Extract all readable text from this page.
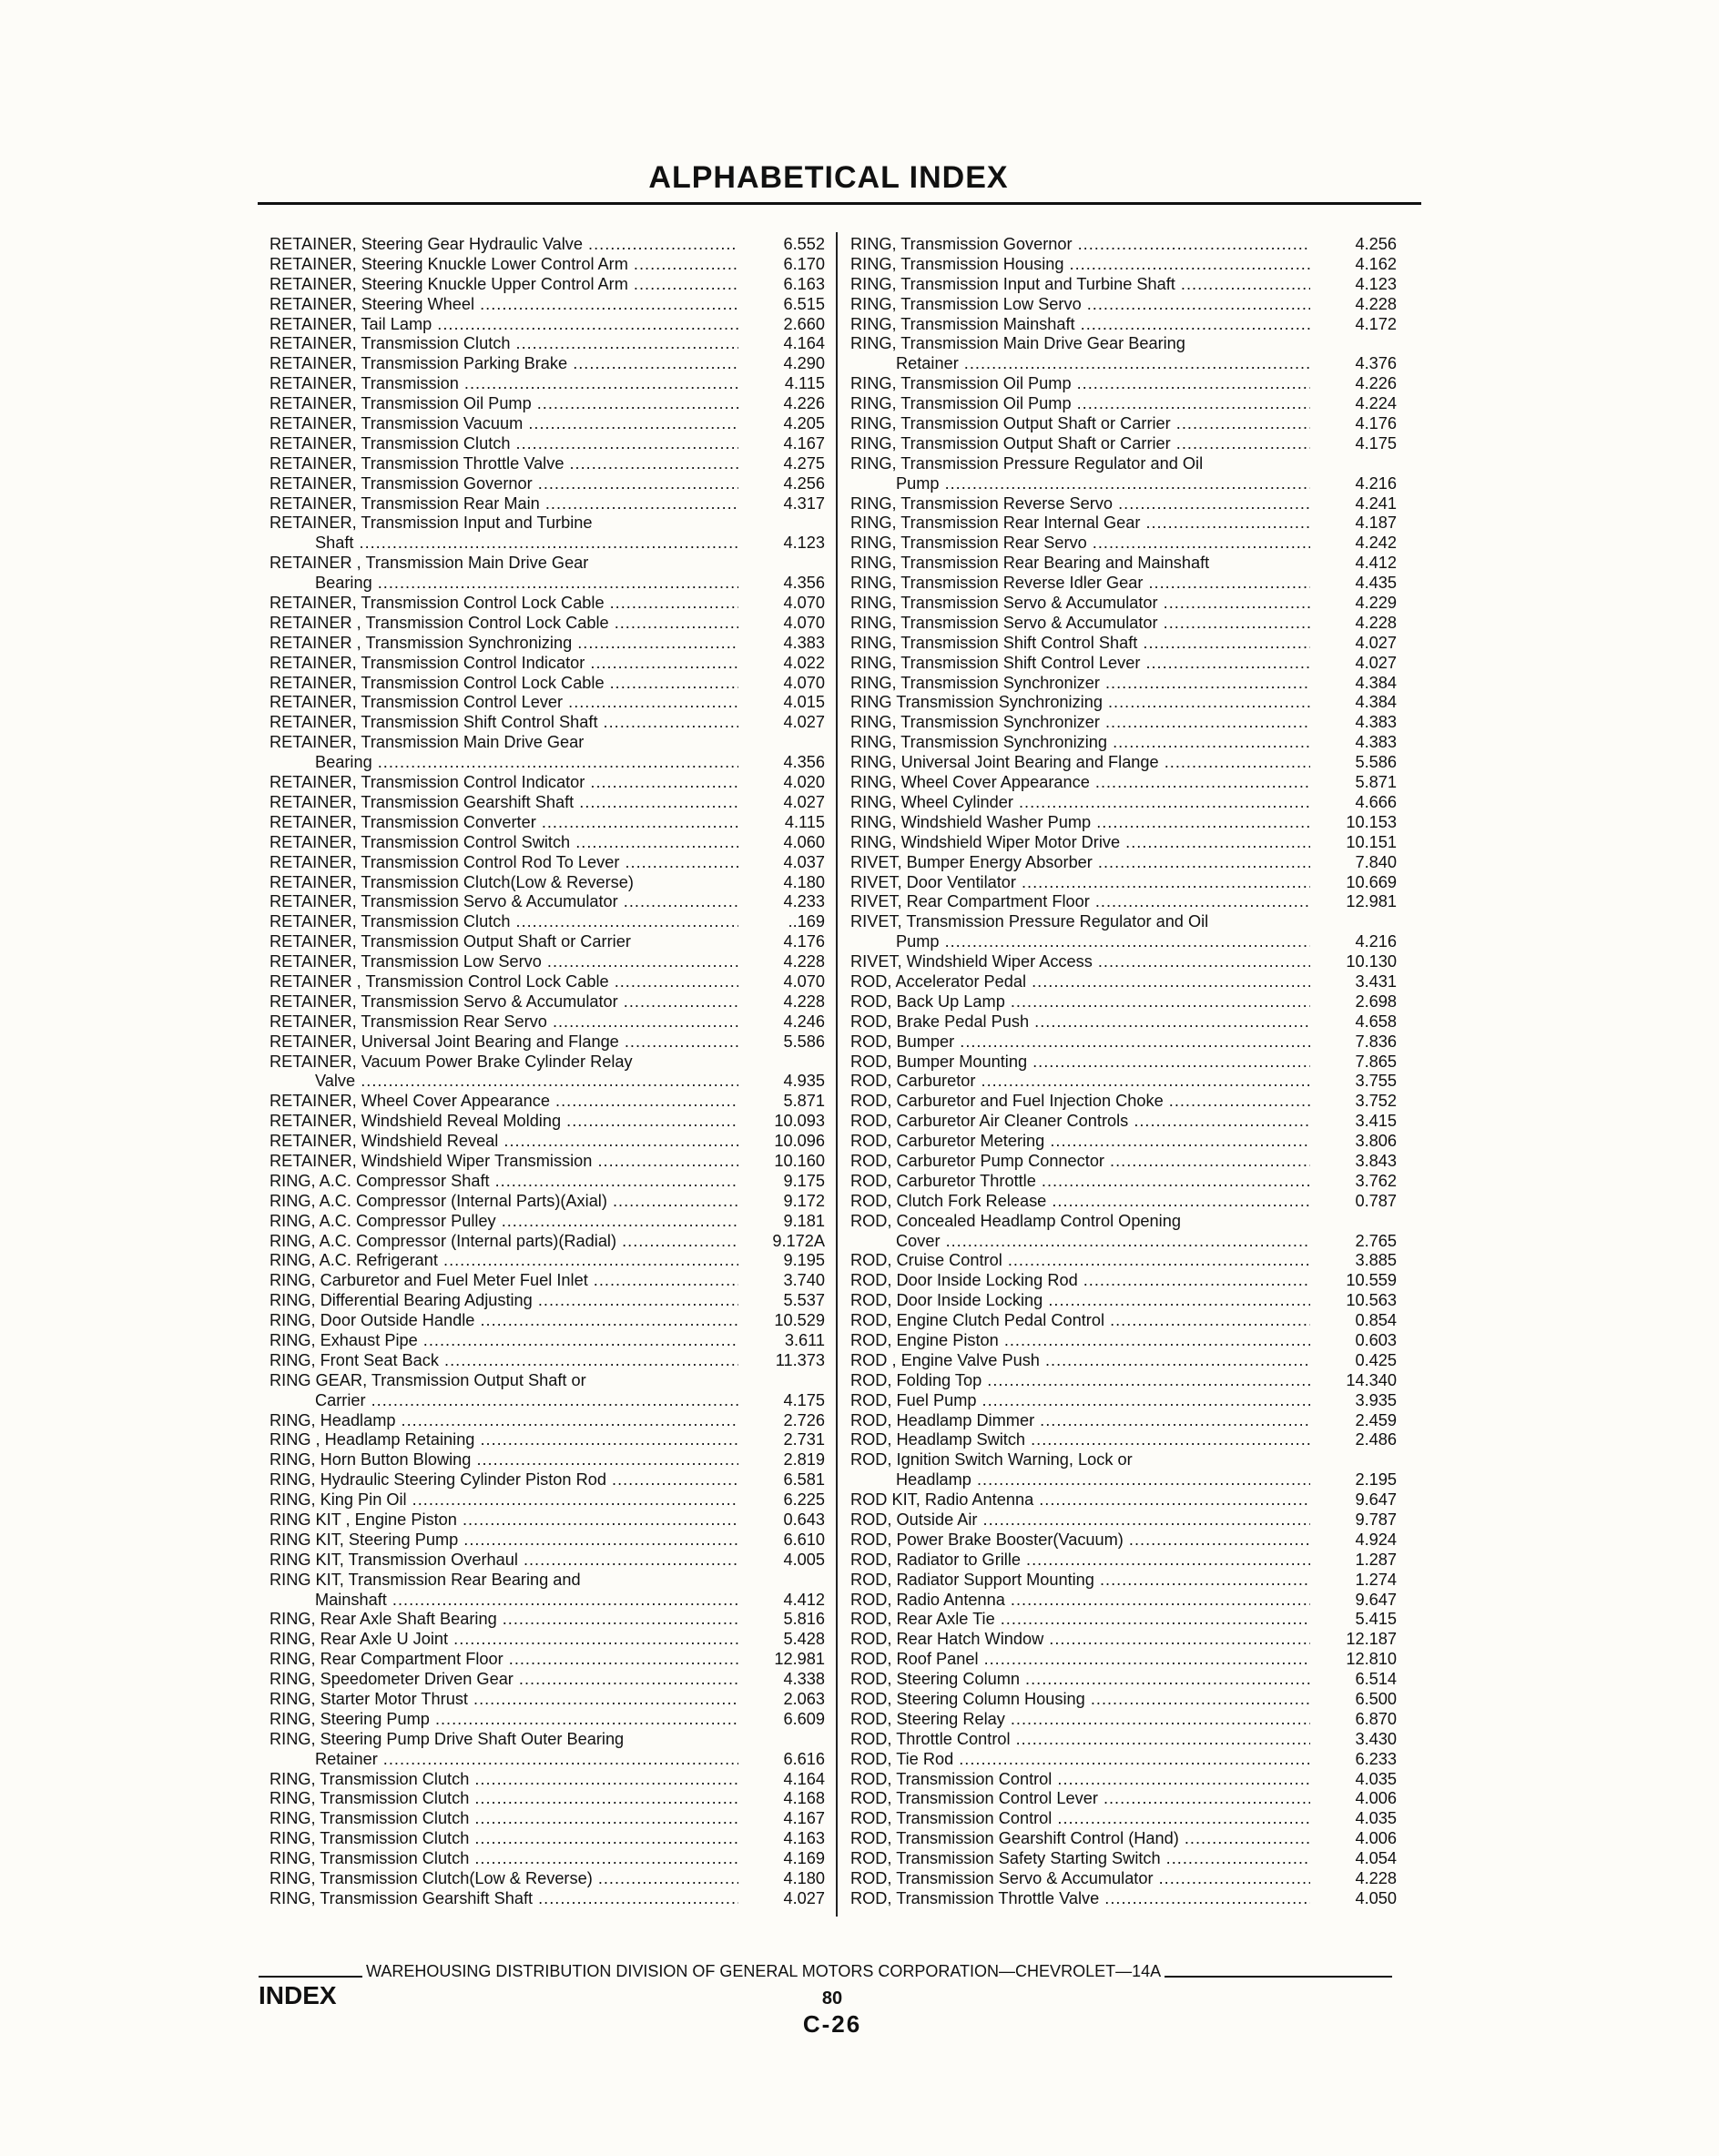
ALPHABETICAL INDEX
RETAINER, Steering Gear Hydraulic Valve .....	6.552
RETAINER, Steering Knuckle Lower Control Arm .....	6.170
RETAINER, Steering Knuckle Upper Control Arm .....	6.163
RETAINER, Steering Wheel .....	6.515
RETAINER, Tail Lamp .....	2.660
RETAINER, Transmission Clutch .....	4.164
RETAINER, Transmission Parking Brake .....	4.290
RETAINER, Transmission .....	4.115
RETAINER, Transmission Oil Pump .....	4.226
RETAINER, Transmission Vacuum .....	4.205
RETAINER, Transmission Clutch .....	4.167
RETAINER, Transmission Throttle Valve .....	4.275
RETAINER, Transmission Governor .....	4.256
RETAINER, Transmission Rear Main .....	4.317
RETAINER, Transmission Input and Turbine
Shaft .....	4.123
RETAINER , Transmission Main Drive Gear
Bearing .....	4.356
RETAINER, Transmission Control Lock Cable .....	4.070
RETAINER , Transmission Control Lock Cable .....	4.070
RETAINER , Transmission Synchronizing .....	4.383
RETAINER, Transmission Control Indicator .....	4.022
RETAINER, Transmission Control Lock Cable .....	4.070
RETAINER, Transmission Control Lever .....	4.015
RETAINER, Transmission Shift Control Shaft .....	4.027
RETAINER, Transmission Main Drive Gear
Bearing .....	4.356
RETAINER, Transmission Control Indicator .....	4.020
RETAINER, Transmission Gearshift Shaft .....	4.027
RETAINER, Transmission Converter .....	4.115
RETAINER, Transmission Control Switch .....	4.060
RETAINER, Transmission Control Rod To Lever .....	4.037
RETAINER, Transmission Clutch(Low & Reverse)	4.180
RETAINER, Transmission Servo & Accumulator .....	4.233
RETAINER, Transmission Clutch .....	..169
RETAINER, Transmission Output Shaft or Carrier	4.176
RETAINER, Transmission Low Servo .....	4.228
RETAINER , Transmission Control Lock Cable .....	4.070
RETAINER, Transmission Servo & Accumulator .....	4.228
RETAINER, Transmission Rear Servo .....	4.246
RETAINER, Universal Joint Bearing and Flange .....	5.586
RETAINER, Vacuum Power Brake Cylinder Relay
Valve .....	4.935
RETAINER, Wheel Cover Appearance .....	5.871
RETAINER, Windshield Reveal Molding .....	10.093
RETAINER, Windshield Reveal .....	10.096
RETAINER, Windshield Wiper Transmission .....	10.160
RING, A.C. Compressor Shaft .....	9.175
RING, A.C. Compressor (Internal Parts)(Axial) .....	9.172
RING, A.C. Compressor Pulley .....	9.181
RING, A.C. Compressor (Internal parts)(Radial) .....	9.172A
RING, A.C. Refrigerant .....	9.195
RING, Carburetor and Fuel Meter Fuel Inlet .....	3.740
RING, Differential Bearing Adjusting .....	5.537
RING, Door Outside Handle .....	10.529
RING, Exhaust Pipe .....	3.611
RING, Front Seat Back .....	11.373
RING GEAR, Transmission Output Shaft or
Carrier .....	4.175
RING, Headlamp .....	2.726
RING , Headlamp Retaining .....	2.731
RING, Horn Button Blowing .....	2.819
RING, Hydraulic Steering Cylinder Piston Rod .....	6.581
RING, King Pin Oil .....	6.225
RING KIT , Engine Piston .....	0.643
RING KIT, Steering Pump .....	6.610
RING KIT, Transmission Overhaul .....	4.005
RING KIT, Transmission Rear Bearing and
Mainshaft .....	4.412
RING, Rear Axle Shaft Bearing .....	5.816
RING, Rear Axle U Joint .....	5.428
RING, Rear Compartment Floor .....	12.981
RING, Speedometer Driven Gear .....	4.338
RING, Starter Motor Thrust .....	2.063
RING, Steering Pump .....	6.609
RING, Steering Pump Drive Shaft Outer Bearing
Retainer .....	6.616
RING, Transmission Clutch .....	4.164
RING, Transmission Clutch .....	4.168
RING, Transmission Clutch .....	4.167
RING, Transmission Clutch .....	4.163
RING, Transmission Clutch .....	4.169
RING, Transmission Clutch(Low & Reverse) .....	4.180
RING, Transmission Gearshift Shaft .....	4.027
RING, Transmission Governor .....	4.256
RING, Transmission Housing .....	4.162
RING, Transmission Input and Turbine Shaft .....	4.123
RING, Transmission Low Servo .....	4.228
RING, Transmission Mainshaft .....	4.172
RING, Transmission Main Drive Gear Bearing
Retainer .....	4.376
RING, Transmission Oil Pump .....	4.226
RING, Transmission Oil Pump .....	4.224
RING, Transmission Output Shaft or Carrier .....	4.176
RING, Transmission Output Shaft or Carrier .....	4.175
RING, Transmission Pressure Regulator and Oil
Pump .....	4.216
RING, Transmission Reverse Servo .....	4.241
RING, Transmission Rear Internal Gear .....	4.187
RING, Transmission Rear Servo .....	4.242
RING, Transmission Rear Bearing and Mainshaft	4.412
RING, Transmission Reverse Idler Gear .....	4.435
RING, Transmission Servo & Accumulator .....	4.229
RING, Transmission Servo & Accumulator .....	4.228
RING, Transmission Shift Control Shaft .....	4.027
RING, Transmission Shift Control Lever .....	4.027
RING, Transmission Synchronizer .....	4.384
RING Transmission Synchronizing .....	4.384
RING, Transmission Synchronizer .....	4.383
RING, Transmission Synchronizing .....	4.383
RING, Universal Joint Bearing and Flange .....	5.586
RING, Wheel Cover Appearance .....	5.871
RING, Wheel Cylinder .....	4.666
RING, Windshield Washer Pump .....	10.153
RING, Windshield Wiper Motor Drive .....	10.151
RIVET, Bumper Energy Absorber .....	7.840
RIVET, Door Ventilator .....	10.669
RIVET, Rear Compartment Floor .....	12.981
RIVET, Transmission Pressure Regulator and Oil
Pump .....	4.216
RIVET, Windshield Wiper Access .....	10.130
ROD, Accelerator Pedal .....	3.431
ROD, Back Up Lamp .....	2.698
ROD, Brake Pedal Push .....	4.658
ROD, Bumper .....	7.836
ROD, Bumper Mounting .....	7.865
ROD, Carburetor .....	3.755
ROD, Carburetor and Fuel Injection Choke .....	3.752
ROD, Carburetor Air Cleaner Controls .....	3.415
ROD, Carburetor Metering .....	3.806
ROD, Carburetor Pump Connector .....	3.843
ROD, Carburetor Throttle .....	3.762
ROD, Clutch Fork Release .....	0.787
ROD, Concealed Headlamp Control Opening
Cover .....	2.765
ROD, Cruise Control .....	3.885
ROD, Door Inside Locking Rod .....	10.559
ROD, Door Inside Locking .....	10.563
ROD, Engine Clutch Pedal Control .....	0.854
ROD, Engine Piston .....	0.603
ROD , Engine Valve Push .....	0.425
ROD, Folding Top .....	14.340
ROD, Fuel Pump .....	3.935
ROD, Headlamp Dimmer .....	2.459
ROD, Headlamp Switch .....	2.486
ROD, Ignition Switch Warning, Lock or
Headlamp .....	2.195
ROD KIT, Radio Antenna .....	9.647
ROD, Outside Air .....	9.787
ROD, Power Brake Booster(Vacuum) .....	4.924
ROD, Radiator to Grille .....	1.287
ROD, Radiator Support Mounting .....	1.274
ROD, Radio Antenna .....	9.647
ROD, Rear Axle Tie .....	5.415
ROD, Rear Hatch Window .....	12.187
ROD, Roof Panel .....	12.810
ROD, Steering Column .....	6.514
ROD, Steering Column Housing .....	6.500
ROD, Steering Relay .....	6.870
ROD, Throttle Control .....	3.430
ROD, Tie Rod .....	6.233
ROD, Transmission Control .....	4.035
ROD, Transmission Control Lever .....	4.006
ROD, Transmission Control .....	4.035
ROD, Transmission Gearshift Control (Hand) .....	4.006
ROD, Transmission Safety Starting Switch .....	4.054
ROD, Transmission Servo & Accumulator .....	4.228
ROD, Transmission Throttle Valve .....	4.050
WAREHOUSING DISTRIBUTION DIVISION OF GENERAL MOTORS CORPORATION—CHEVROLET—14A
INDEX	80
C-26
